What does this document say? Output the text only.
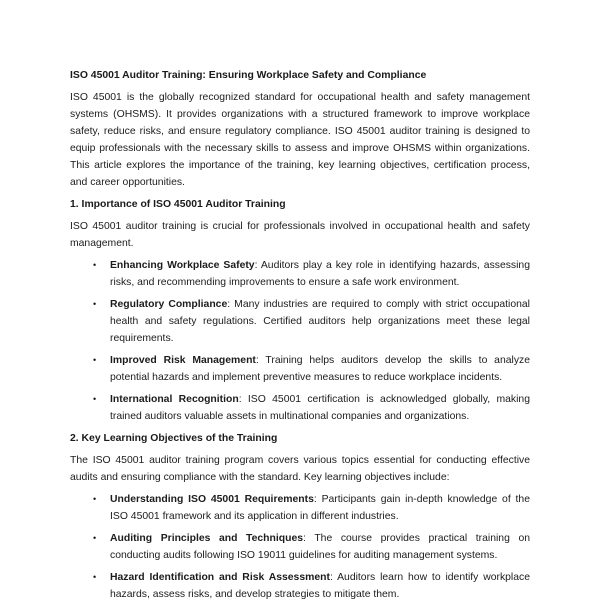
ISO 45001 Auditor Training: Ensuring Workplace Safety and Compliance

ISO 45001 is the globally recognized standard for occupational health and safety management systems (OHSMS). It provides organizations with a structured framework to improve workplace safety, reduce risks, and ensure regulatory compliance. ISO 45001 auditor training is designed to equip professionals with the necessary skills to assess and improve OHSMS within organizations. This article explores the importance of the training, key learning objectives, certification process, and career opportunities.

1. Importance of ISO 45001 Auditor Training

ISO 45001 auditor training is crucial for professionals involved in occupational health and safety management.

• Enhancing Workplace Safety: Auditors play a key role in identifying hazards, assessing risks, and recommending improvements to ensure a safe work environment.
• Regulatory Compliance: Many industries are required to comply with strict occupational health and safety regulations. Certified auditors help organizations meet these legal requirements.
• Improved Risk Management: Training helps auditors develop the skills to analyze potential hazards and implement preventive measures to reduce workplace incidents.
• International Recognition: ISO 45001 certification is acknowledged globally, making trained auditors valuable assets in multinational companies and organizations.
2. Key Learning Objectives of the Training

The ISO 45001 auditor training program covers various topics essential for conducting effective audits and ensuring compliance with the standard. Key learning objectives include:

• Understanding ISO 45001 Requirements: Participants gain in-depth knowledge of the ISO 45001 framework and its application in different industries.
• Auditing Principles and Techniques: The course provides practical training on conducting audits following ISO 19011 guidelines for auditing management systems.
• Hazard Identification and Risk Assessment: Auditors learn how to identify workplace hazards, assess risks, and develop strategies to mitigate them.
